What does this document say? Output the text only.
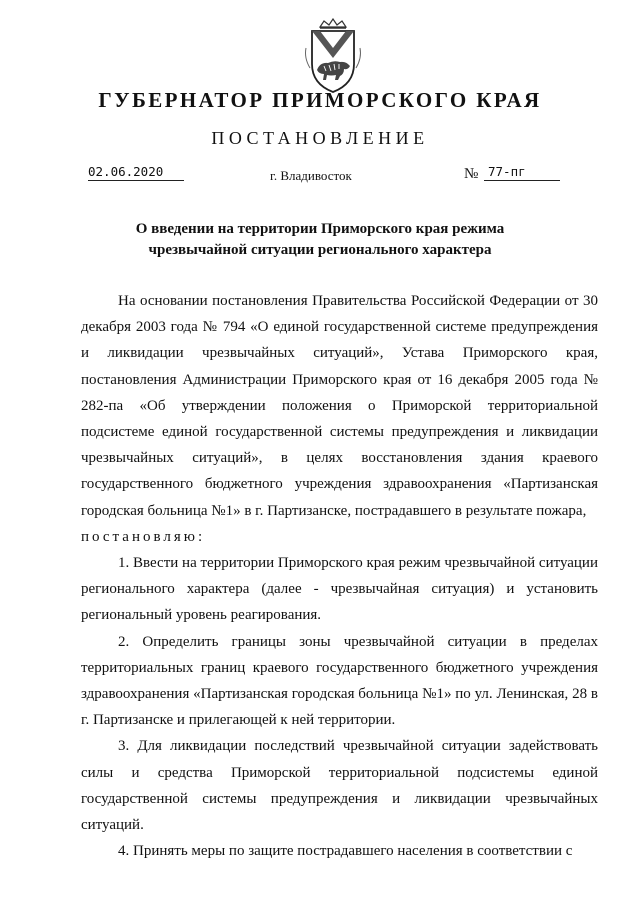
ГУБЕРНАТОР ПРИМОРСКОГО КРАЯ
ПОСТАНОВЛЕНИЕ
02.06.2020	г. Владивосток	№ 77-пг
О введении на территории Приморского края режима
чрезвычайной ситуации регионального характера

На основании постановления Правительства Российской Федерации от 30 декабря 2003 года № 794 «О единой государственной системе предупреждения и ликвидации чрезвычайных ситуаций», Устава Приморского края, постановления Администрации Приморского края от 16 декабря 2005 года № 282-па «Об утверждении положения о Приморской территориальной подсистеме единой государственной системы предупреждения и ликвидации чрезвычайных ситуаций», в целях восстановления здания краевого государственного бюджетного учреждения здравоохранения «Партизанская городская больница №1» в г. Партизанске, пострадавшего в результате пожара,

постановляю:

1. Ввести на территории Приморского края режим чрезвычайной ситуации регионального характера (далее - чрезвычайная ситуация) и установить региональный уровень реагирования.

2. Определить границы зоны чрезвычайной ситуации в пределах территориальных границ краевого государственного бюджетного учреждения здравоохранения «Партизанская городская больница №1» по ул. Ленинская, 28 в г. Партизанске и прилегающей к ней территории.

3. Для ликвидации последствий чрезвычайной ситуации задействовать силы и средства Приморской территориальной подсистемы единой государственной системы предупреждения и ликвидации чрезвычайных ситуаций.

4. Принять меры по защите пострадавшего населения в соответствии с
